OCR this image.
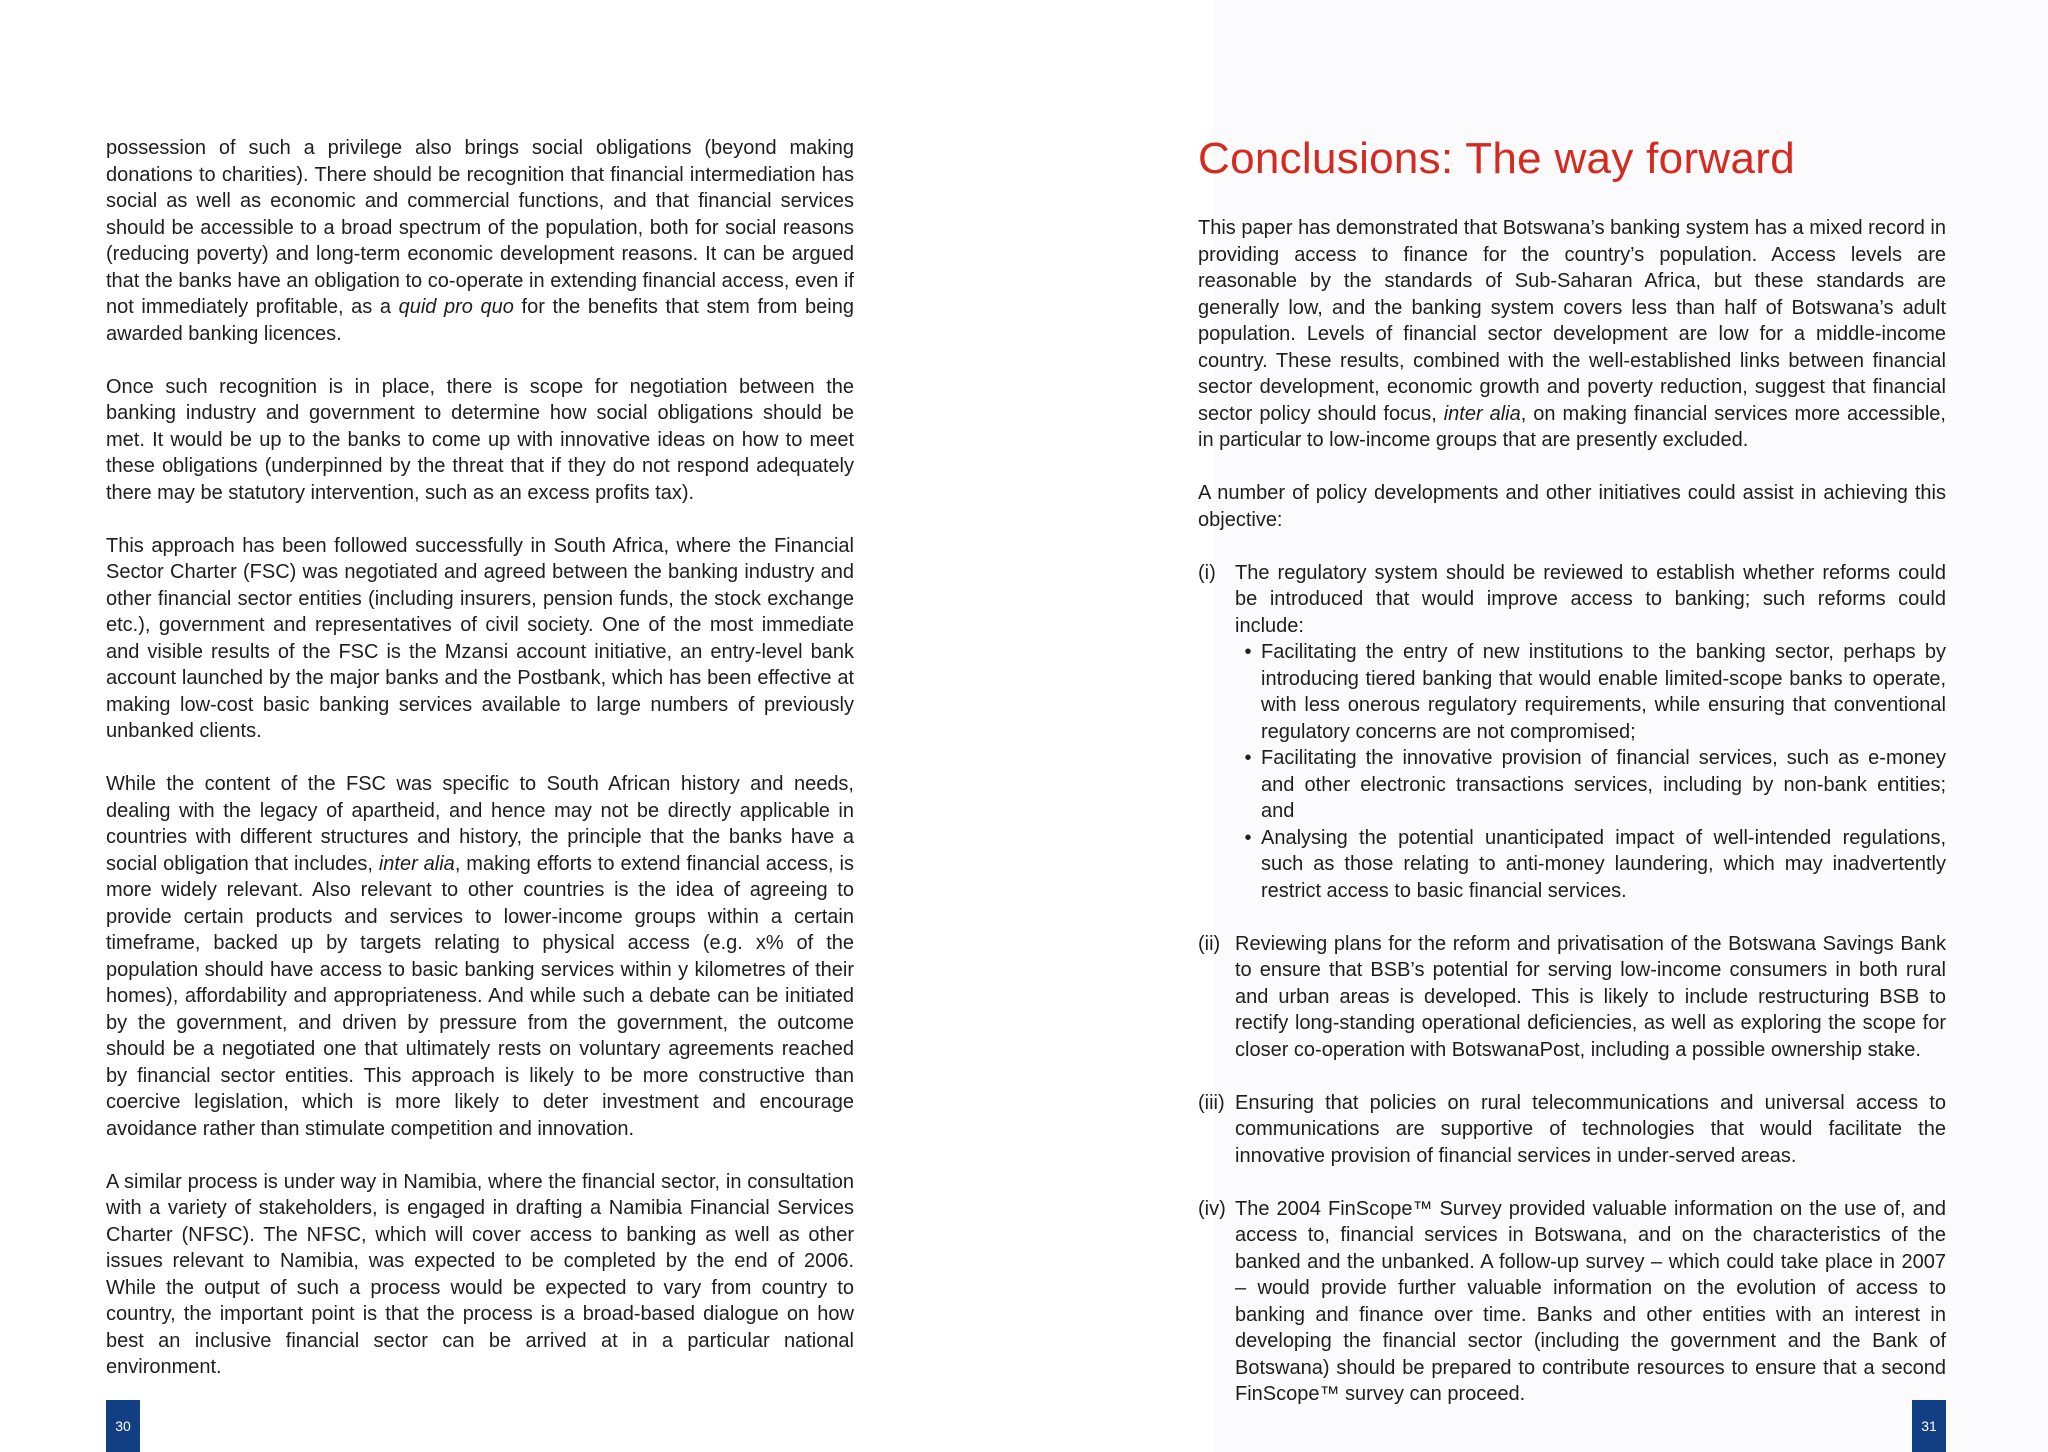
possession of such a privilege also brings social obligations (beyond making donations to charities). There should be recognition that financial intermediation has social as well as economic and commercial functions, and that financial services should be accessible to a broad spectrum of the population, both for social reasons (reducing poverty) and long-term economic development reasons. It can be argued that the banks have an obligation to co-operate in extending financial access, even if not immediately profitable, as a quid pro quo for the benefits that stem from being awarded banking licences.

Once such recognition is in place, there is scope for negotiation between the banking industry and government to determine how social obligations should be met. It would be up to the banks to come up with innovative ideas on how to meet these obligations (underpinned by the threat that if they do not respond adequately there may be statutory intervention, such as an excess profits tax).

This approach has been followed successfully in South Africa, where the Financial Sector Charter (FSC) was negotiated and agreed between the banking industry and other financial sector entities (including insurers, pension funds, the stock exchange etc.), government and representatives of civil society. One of the most immediate and visible results of the FSC is the Mzansi account initiative, an entry-level bank account launched by the major banks and the Postbank, which has been effective at making low-cost basic banking services available to large numbers of previously unbanked clients.

While the content of the FSC was specific to South African history and needs, dealing with the legacy of apartheid, and hence may not be directly applicable in countries with different structures and history, the principle that the banks have a social obligation that includes, inter alia, making efforts to extend financial access, is more widely relevant. Also relevant to other countries is the idea of agreeing to provide certain products and services to lower-income groups within a certain timeframe, backed up by targets relating to physical access (e.g. x% of the population should have access to basic banking services within y kilometres of their homes), affordability and appropriateness. And while such a debate can be initiated by the government, and driven by pressure from the government, the outcome should be a negotiated one that ultimately rests on voluntary agreements reached by financial sector entities. This approach is likely to be more constructive than coercive legislation, which is more likely to deter investment and encourage avoidance rather than stimulate competition and innovation.

A similar process is under way in Namibia, where the financial sector, in consultation with a variety of stakeholders, is engaged in drafting a Namibia Financial Services Charter (NFSC). The NFSC, which will cover access to banking as well as other issues relevant to Namibia, was expected to be completed by the end of 2006. While the output of such a process would be expected to vary from country to country, the important point is that the process is a broad-based dialogue on how best an inclusive financial sector can be arrived at in a particular national environment.

30
Conclusions: The way forward

This paper has demonstrated that Botswana’s banking system has a mixed record in providing access to finance for the country’s population. Access levels are reasonable by the standards of Sub-Saharan Africa, but these standards are generally low, and the banking system covers less than half of Botswana’s adult population. Levels of financial sector development are low for a middle-income country. These results, combined with the well-established links between financial sector development, economic growth and poverty reduction, suggest that financial sector policy should focus, inter alia, on making financial services more accessible, in particular to low-income groups that are presently excluded.

A number of policy developments and other initiatives could assist in achieving this objective:

(i) The regulatory system should be reviewed to establish whether reforms could be introduced that would improve access to banking; such reforms could include:

• Facilitating the entry of new institutions to the banking sector, perhaps by introducing tiered banking that would enable limited-scope banks to operate, with less onerous regulatory requirements, while ensuring that conventional regulatory concerns are not compromised;
• Facilitating the innovative provision of financial services, such as e-money and other electronic transactions services, including by non-bank entities; and
• Analysing the potential unanticipated impact of well-intended regulations, such as those relating to anti-money laundering, which may inadvertently restrict access to basic financial services.
(ii) Reviewing plans for the reform and privatisation of the Botswana Savings Bank to ensure that BSB’s potential for serving low-income consumers in both rural and urban areas is developed. This is likely to include restructuring BSB to rectify long-standing operational deficiencies, as well as exploring the scope for closer co-operation with BotswanaPost, including a possible ownership stake.

(iii) Ensuring that policies on rural telecommunications and universal access to communications are supportive of technologies that would facilitate the innovative provision of financial services in under-served areas.

(iv) The 2004 FinScope™ Survey provided valuable information on the use of, and access to, financial services in Botswana, and on the characteristics of the banked and the unbanked. A follow-up survey – which could take place in 2007 – would provide further valuable information on the evolution of access to banking and finance over time. Banks and other entities with an interest in developing the financial sector (including the government and the Bank of Botswana) should be prepared to contribute resources to ensure that a second FinScope™ survey can proceed.

31
